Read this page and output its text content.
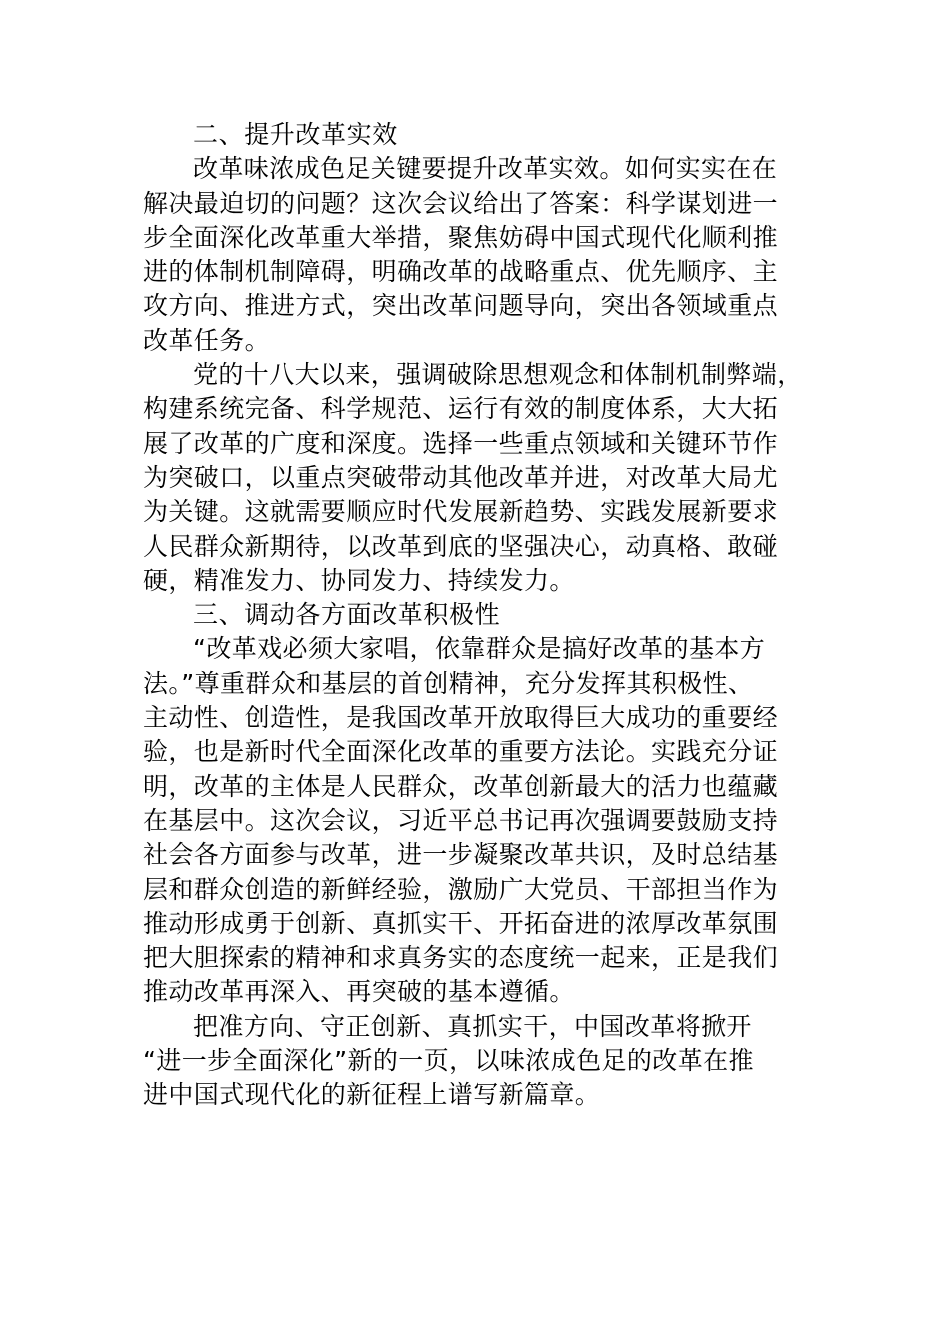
二、提升改革实效

改革味浓成色足关键要提升改革实效。如何实实在在
解决最迫切的问题？这次会议给出了答案：科学谋划进一
步全面深化改革重大举措，聚焦妨碍中国式现代化顺利推
进的体制机制障碍，明确改革的战略重点、优先顺序、主
攻方向、推进方式，突出改革问题导向，突出各领域重点
改革任务。

党的十八大以来，强调破除思想观念和体制机制弊端，
构建系统完备、科学规范、运行有效的制度体系，大大拓
展了改革的广度和深度。选择一些重点领域和关键环节作
为突破口，以重点突破带动其他改革并进，对改革大局尤
为关键。这就需要顺应时代发展新趋势、实践发展新要求
人民群众新期待，以改革到底的坚强决心，动真格、敢碰
硬，精准发力、协同发力、持续发力。

三、调动各方面改革积极性

“改革戏必须大家唱，依靠群众是搞好改革的基本方
法。”尊重群众和基层的首创精神，充分发挥其积极性、
主动性、创造性，是我国改革开放取得巨大成功的重要经
验，也是新时代全面深化改革的重要方法论。实践充分证
明，改革的主体是人民群众，改革创新最大的活力也蕴藏
在基层中。这次会议，习近平总书记再次强调要鼓励支持
社会各方面参与改革，进一步凝聚改革共识，及时总结基
层和群众创造的新鲜经验，激励广大党员、干部担当作为
推动形成勇于创新、真抓实干、开拓奋进的浓厚改革氛围
把大胆探索的精神和求真务实的态度统一起来，正是我们
推动改革再深入、再突破的基本遵循。

把准方向、守正创新、真抓实干，中国改革将掀开
“进一步全面深化”新的一页，以味浓成色足的改革在推
进中国式现代化的新征程上谱写新篇章。
